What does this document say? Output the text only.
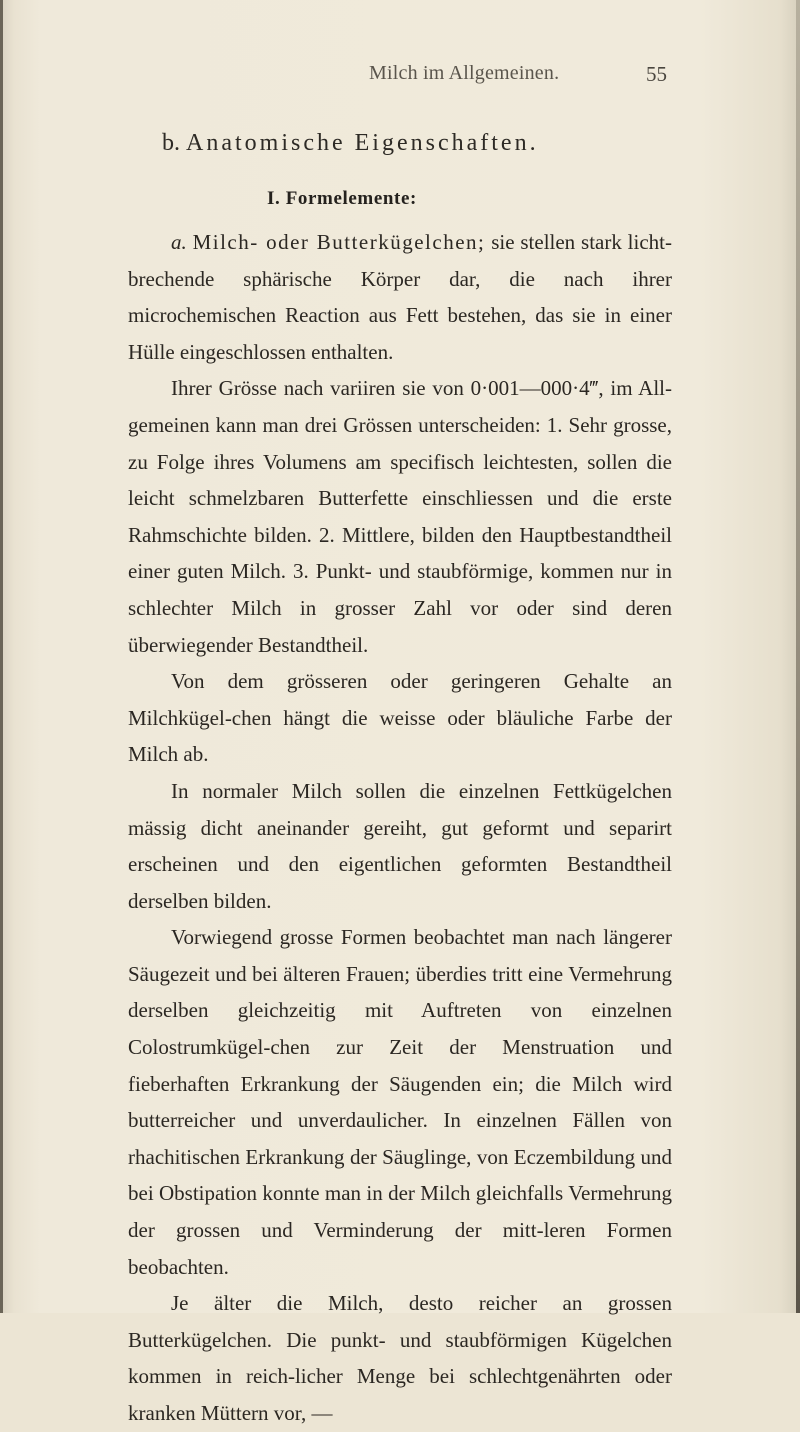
Milch im Allgemeinen.	55
b. Anatomische Eigenschaften.
I. Formelemente:

a. Milch- oder Butterkügelchen; sie stellen stark licht-brechende sphärische Körper dar, die nach ihrer microchemischen Reaction aus Fett bestehen, das sie in einer Hülle eingeschlossen enthalten.

Ihrer Grösse nach variiren sie von 0·001—000·4‴, im All-gemeinen kann man drei Grössen unterscheiden: 1. Sehr grosse, zu Folge ihres Volumens am specifisch leichtesten, sollen die leicht schmelzbaren Butterfette einschliessen und die erste Rahmschichte bilden. 2. Mittlere, bilden den Hauptbestandtheil einer guten Milch. 3. Punkt- und staubförmige, kommen nur in schlechter Milch in grosser Zahl vor oder sind deren überwiegender Bestandtheil.

Von dem grösseren oder geringeren Gehalte an Milchkügel-chen hängt die weisse oder bläuliche Farbe der Milch ab.

In normaler Milch sollen die einzelnen Fettkügelchen mässig dicht aneinander gereiht, gut geformt und separirt erscheinen und den eigentlichen geformten Bestandtheil derselben bilden.

Vorwiegend grosse Formen beobachtet man nach längerer Säugezeit und bei älteren Frauen; überdies tritt eine Vermehrung derselben gleichzeitig mit Auftreten von einzelnen Colostrumkügel-chen zur Zeit der Menstruation und fieberhaften Erkrankung der Säugenden ein; die Milch wird butterreicher und unverdaulicher. In einzelnen Fällen von rhachitischen Erkrankung der Säuglinge, von Eczembildung und bei Obstipation konnte man in der Milch gleichfalls Vermehrung der grossen und Verminderung der mitt-leren Formen beobachten.

Je älter die Milch, desto reicher an grossen Butterkügelchen. Die punkt- und staubförmigen Kügelchen kommen in reich-licher Menge bei schlechtgenährten oder kranken Müttern vor, —
